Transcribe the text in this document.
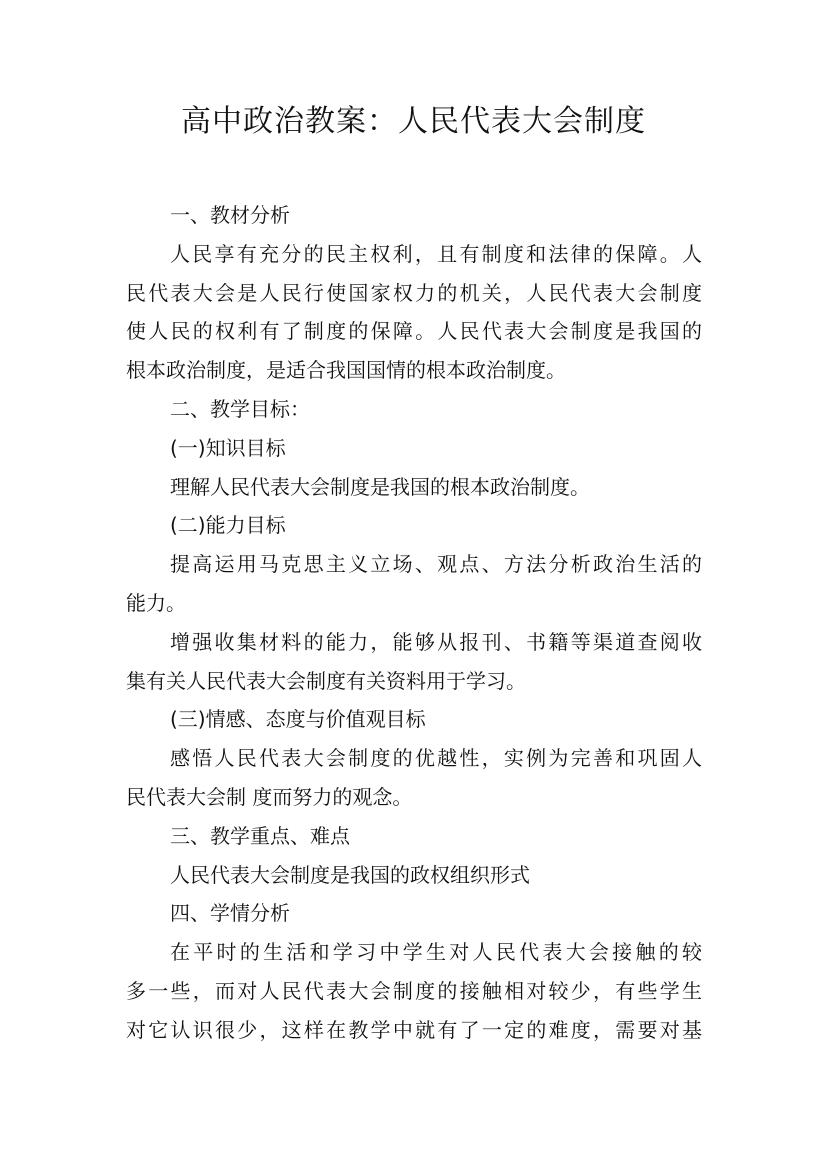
高中政治教案：人民代表大会制度
一、教材分析
人民享有充分的民主权利，且有制度和法律的保障。人
民代表大会是人民行使国家权力的机关，人民代表大会制度
使人民的权利有了制度的保障。人民代表大会制度是我国的
根本政治制度，是适合我国国情的根本政治制度。
二、教学目标：
(一)知识目标
理解人民代表大会制度是我国的根本政治制度。
(二)能力目标
提高运用马克思主义立场、观点、方法分析政治生活的
能力。
增强收集材料的能力，能够从报刊、书籍等渠道查阅收
集有关人民代表大会制度有关资料用于学习。
(三)情感、态度与价值观目标
感悟人民代表大会制度的优越性，实例为完善和巩固人
民代表大会制 度而努力的观念。
三、教学重点、难点
人民代表大会制度是我国的政权组织形式
四、学情分析
在平时的生活和学习中学生对人民代表大会接触的较
多一些，而对人民代表大会制度的接触相对较少，有些学生
对它认识很少，这样在教学中就有了一定的难度，需要对基
